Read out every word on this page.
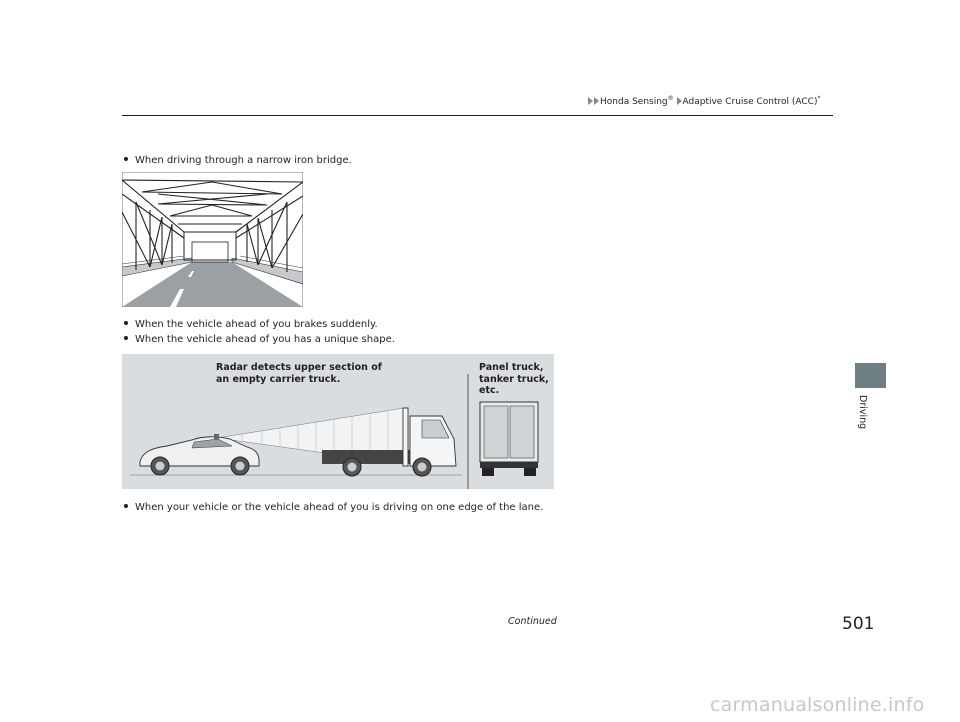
Honda Sensing® Adaptive Cruise Control (ACC)*
Driving
When driving through a narrow iron bridge.
When the vehicle ahead of you brakes suddenly.
When the vehicle ahead of you has a unique shape.
Radar detects upper section of
an empty carrier truck.
Panel truck,
tanker truck,
etc.
When your vehicle or the vehicle ahead of you is driving on one edge of the lane.
Continued	501
carmanualsonline.info
